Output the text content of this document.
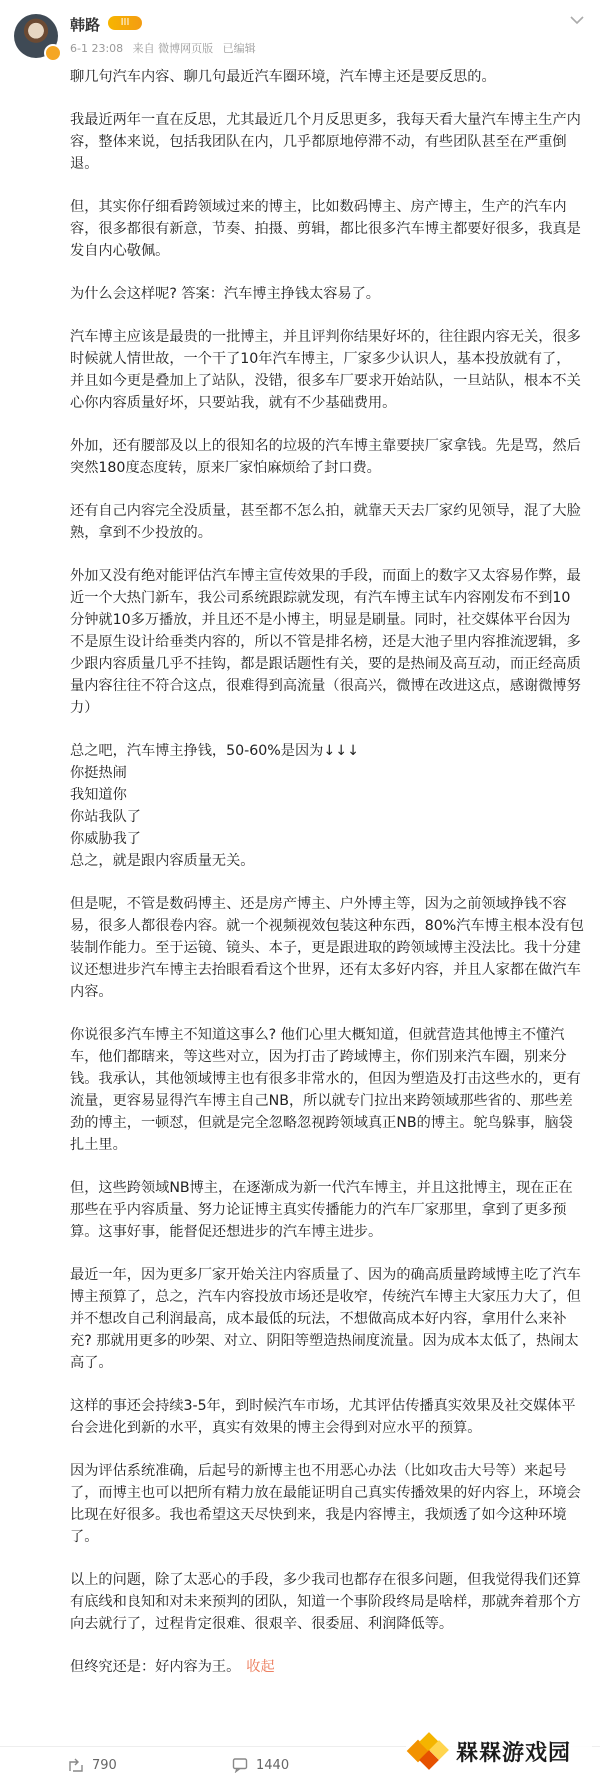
韩路	III
6-1 23:08 来自 微博网页版 已编辑
聊几句汽车内容、聊几句最近汽车圈环境，汽车博主还是要反思的。
我最近两年一直在反思，尤其最近几个月反思更多，我每天看大量汽车博主生产内
容，整体来说，包括我团队在内，几乎都原地停滞不动，有些团队甚至在严重倒
退。
但，其实你仔细看跨领域过来的博主，比如数码博主、房产博主，生产的汽车内
容，很多都很有新意，节奏、拍摄、剪辑，都比很多汽车博主都要好很多，我真是
发自内心敬佩。
为什么会这样呢? 答案：汽车博主挣钱太容易了。
汽车博主应该是最贵的一批博主，并且评判你结果好坏的，往往跟内容无关，很多
时候就人情世故，一个干了10年汽车博主，厂家多少认识人，基本投放就有了，
并且如今更是叠加上了站队，没错，很多车厂要求开始站队，一旦站队，根本不关
心你内容质量好坏，只要站我，就有不少基础费用。
外加，还有腰部及以上的很知名的垃圾的汽车博主靠要挟厂家拿钱。先是骂，然后
突然180度态度转，原来厂家怕麻烦给了封口费。
还有自己内容完全没质量，甚至都不怎么拍，就靠天天去厂家约见领导，混了大脸
熟，拿到不少投放的。
外加又没有绝对能评估汽车博主宣传效果的手段，而面上的数字又太容易作弊，最
近一个大热门新车，我公司系统跟踪就发现，有汽车博主试车内容刚发布不到10
分钟就10多万播放，并且还不是小博主，明显是刷量。同时，社交媒体平台因为
不是原生设计给垂类内容的，所以不管是排名榜，还是大池子里内容推流逻辑，多
少跟内容质量几乎不挂钩，都是跟话题性有关，要的是热闹及高互动，而正经高质
量内容往往不符合这点，很难得到高流量（很高兴，微博在改进这点，感谢微博努
力）
总之吧，汽车博主挣钱，50-60%是因为↓↓↓
你挺热闹
我知道你
你站我队了
你威胁我了
总之，就是跟内容质量无关。
但是呢，不管是数码博主、还是房产博主、户外博主等，因为之前领域挣钱不容
易，很多人都很卷内容。就一个视频视效包装这种东西，80%汽车博主根本没有包
装制作能力。至于运镜、镜头、本子，更是跟进取的跨领域博主没法比。我十分建
议还想进步汽车博主去抬眼看看这个世界，还有太多好内容，并且人家都在做汽车
内容。
你说很多汽车博主不知道这事么? 他们心里大概知道，但就营造其他博主不懂汽
车，他们都瞎来，等这些对立，因为打击了跨域博主，你们别来汽车圈，别来分
钱。我承认，其他领域博主也有很多非常水的，但因为塑造及打击这些水的，更有
流量，更容易显得汽车博主自己NB，所以就专门拉出来跨领域那些省的、那些差
劲的博主，一顿怼，但就是完全忽略忽视跨领域真正NB的博主。鸵鸟躲事，脑袋
扎土里。
但，这些跨领域NB博主，在逐渐成为新一代汽车博主，并且这批博主，现在正在
那些在乎内容质量、努力论证博主真实传播能力的汽车厂家那里，拿到了更多预
算。这事好事，能督促还想进步的汽车博主进步。
最近一年，因为更多厂家开始关注内容质量了、因为的确高质量跨域博主吃了汽车
博主预算了，总之，汽车内容投放市场还是收窄，传统汽车博主大家压力大了，但
并不想改自己利润最高，成本最低的玩法，不想做高成本好内容，拿用什么来补
充? 那就用更多的吵架、对立、阴阳等塑造热闹度流量。因为成本太低了，热闹太
高了。
这样的事还会持续3-5年，到时候汽车市场，尤其评估传播真实效果及社交媒体平
台会进化到新的水平，真实有效果的博主会得到对应水平的预算。
因为评估系统准确，后起号的新博主也不用恶心办法（比如攻击大号等）来起号
了，而博主也可以把所有精力放在最能证明自己真实传播效果的好内容上，环境会
比现在好很多。我也希望这天尽快到来，我是内容博主，我烦透了如今这种环境
了。
以上的问题，除了太恶心的手段，多少我司也都存在很多问题，但我觉得我们还算
有底线和良知和对未来预判的团队，知道一个事阶段终局是啥样，那就奔着那个方
向去就行了，过程肯定很难、很艰辛、很委屈、利润降低等。
但终究还是：好内容为王。 收起
790	1440	槑槑游戏园
